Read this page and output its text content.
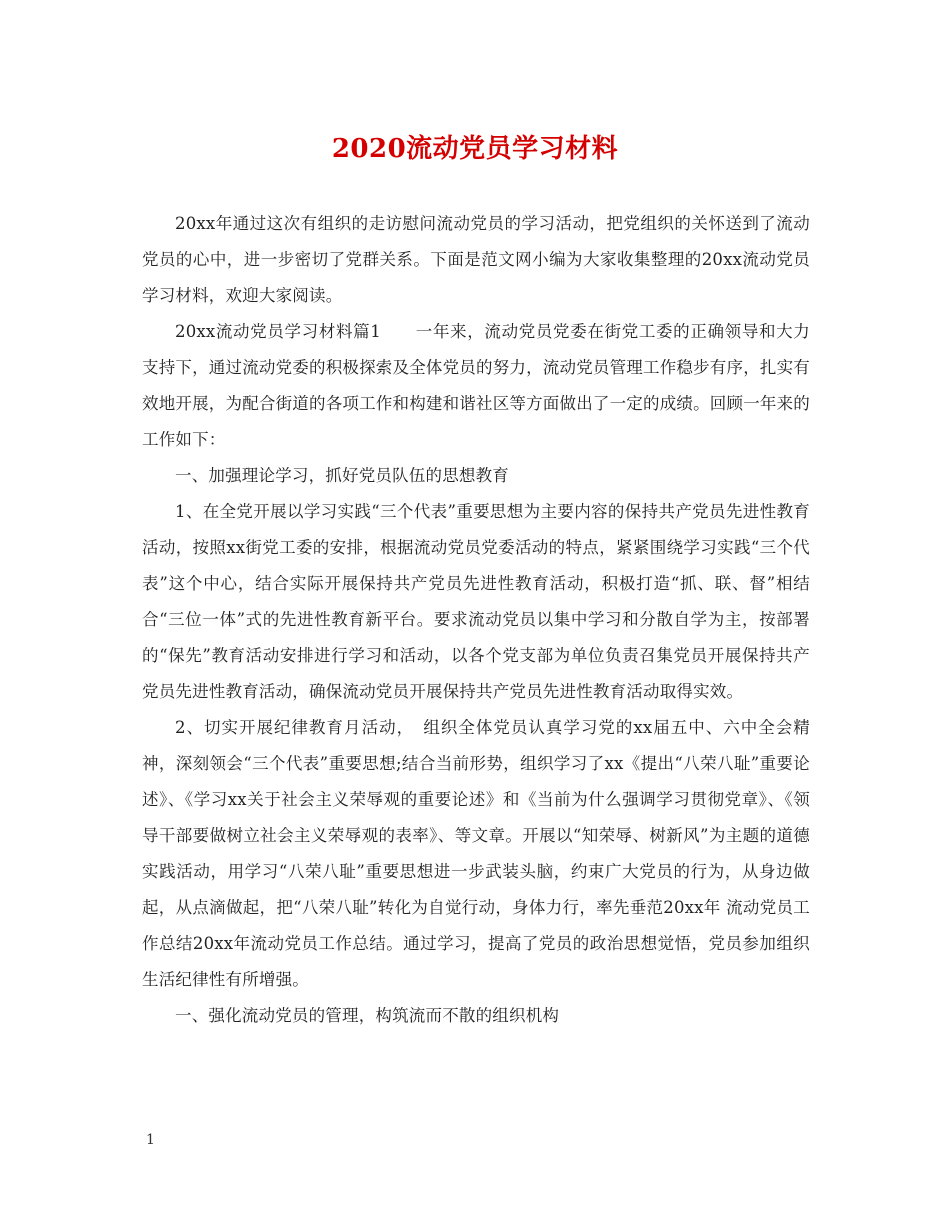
2020流动党员学习材料

20xx年通过这次有组织的走访慰问流动党员的学习活动，把党组织的关怀送到了流动党员的心中，进一步密切了党群关系。下面是范文网小编为大家收集整理的20xx流动党员学习材料，欢迎大家阅读。

20xx流动党员学习材料篇1　　一年来，流动党员党委在街党工委的正确领导和大力支持下，通过流动党委的积极探索及全体党员的努力，流动党员管理工作稳步有序，扎实有效地开展，为配合街道的各项工作和构建和谐社区等方面做出了一定的成绩。回顾一年来的工作如下：

一、加强理论学习，抓好党员队伍的思想教育

1、在全党开展以学习实践“三个代表”重要思想为主要内容的保持共产党员先进性教育活动，按照xx街党工委的安排，根据流动党员党委活动的特点，紧紧围绕学习实践“三个代表”这个中心，结合实际开展保持共产党员先进性教育活动，积极打造“抓、联、督”相结合“三位一体”式的先进性教育新平台。要求流动党员以集中学习和分散自学为主，按部署的“保先”教育活动安排进行学习和活动，以各个党支部为单位负责召集党员开展保持共产党员先进性教育活动，确保流动党员开展保持共产党员先进性教育活动取得实效。

2、切实开展纪律教育月活动，　组织全体党员认真学习党的xx届五中、六中全会精神，深刻领会“三个代表”重要思想;结合当前形势，组织学习了xx《提出“八荣八耻”重要论述》、《学习xx关于社会主义荣辱观的重要论述》和《当前为什么强调学习贯彻党章》、《领导干部要做树立社会主义荣辱观的表率》、等文章。开展以“知荣辱、树新风”为主题的道德实践活动，用学习“八荣八耻”重要思想进一步武装头脑，约束广大党员的行为，从身边做起，从点滴做起，把“八荣八耻”转化为自觉行动，身体力行，率先垂范20xx年 流动党员工作总结20xx年流动党员工作总结。通过学习，提高了党员的政治思想觉悟，党员参加组织生活纪律性有所增强。

一、强化流动党员的管理，构筑流而不散的组织机构

1
